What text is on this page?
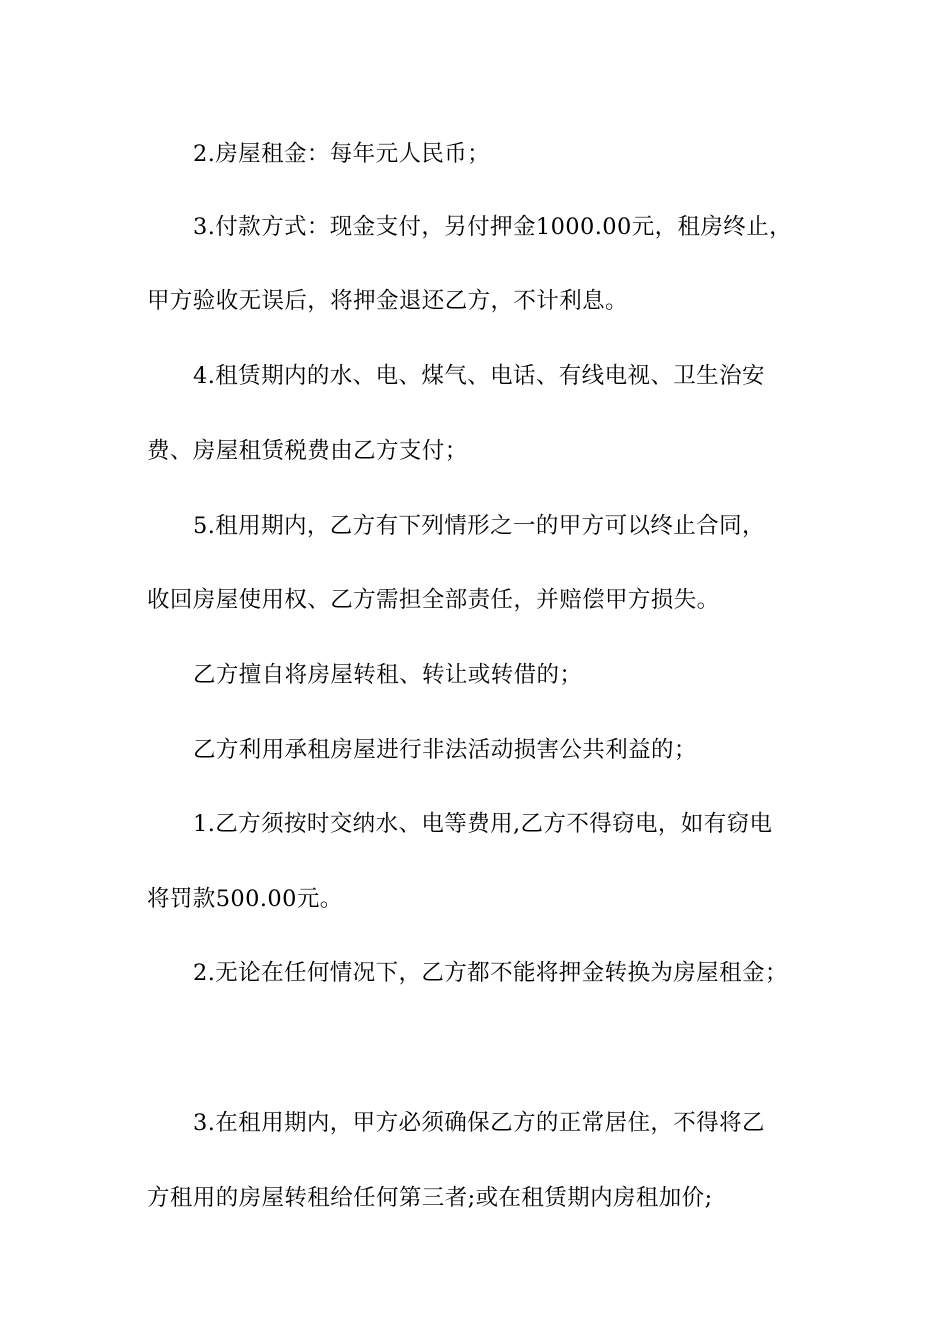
2.房屋租金：每年元人民币；

3.付款方式：现金支付，另付押金1000.00元，租房终止，

甲方验收无误后，将押金退还乙方，不计利息。

4.租赁期内的水、电、煤气、电话、有线电视、卫生治安

费、房屋租赁税费由乙方支付；

5.租用期内，乙方有下列情形之一的甲方可以终止合同，

收回房屋使用权、乙方需担全部责任，并赔偿甲方损失。

乙方擅自将房屋转租、转让或转借的；

乙方利用承租房屋进行非法活动损害公共利益的；

1.乙方须按时交纳水、电等费用,乙方不得窃电，如有窃电

将罚款500.00元。

2.无论在任何情况下，乙方都不能将押金转换为房屋租金；

3.在租用期内，甲方必须确保乙方的正常居住，不得将乙

方租用的房屋转租给任何第三者;或在租赁期内房租加价;
